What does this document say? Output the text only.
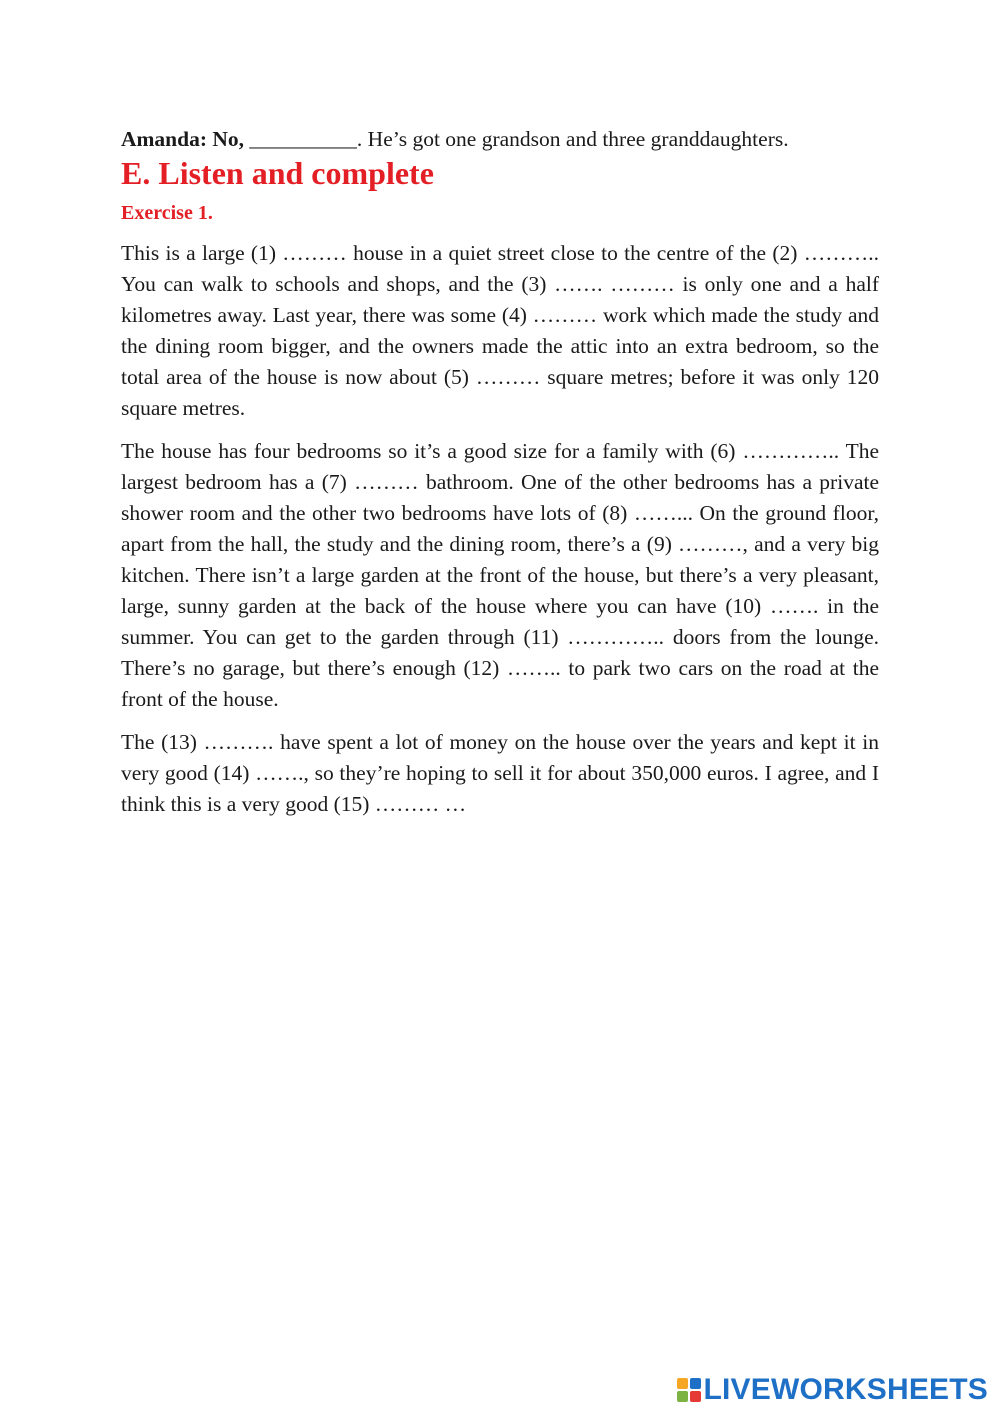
Amanda: No, __________. He’s got one grandson and three granddaughters.

E. Listen and complete
Exercise 1.

This is a large (1) ……… house in a quiet street close to the centre of the (2) ……….. You can walk to schools and shops, and the (3) ……. ……… is only one and a half kilometres away. Last year, there was some (4) ……… work which made the study and the dining room bigger, and the owners made the attic into an extra bedroom, so the total area of the house is now about (5) ……… square metres; before it was only 120 square metres.

The house has four bedrooms so it’s a good size for a family with (6) ………….. The largest bedroom has a (7) ……… bathroom. One of the other bedrooms has a private shower room and the other two bedrooms have lots of (8) ……... On the ground floor, apart from the hall, the study and the dining room, there’s a (9) ………, and a very big kitchen. There isn’t a large garden at the front of the house, but there’s a very pleasant, large, sunny garden at the back of the house where you can have (10) ……. in the summer. You can get to the garden through (11) ………….. doors from the lounge. There’s no garage, but there’s enough (12) …….. to park two cars on the road at the front of the house.

The (13) ………. have spent a lot of money on the house over the years and kept it in very good (14) ……., so they’re hoping to sell it for about 350,000 euros. I agree, and I think this is a very good (15) ……… …

LIVEWORKSHEETS
